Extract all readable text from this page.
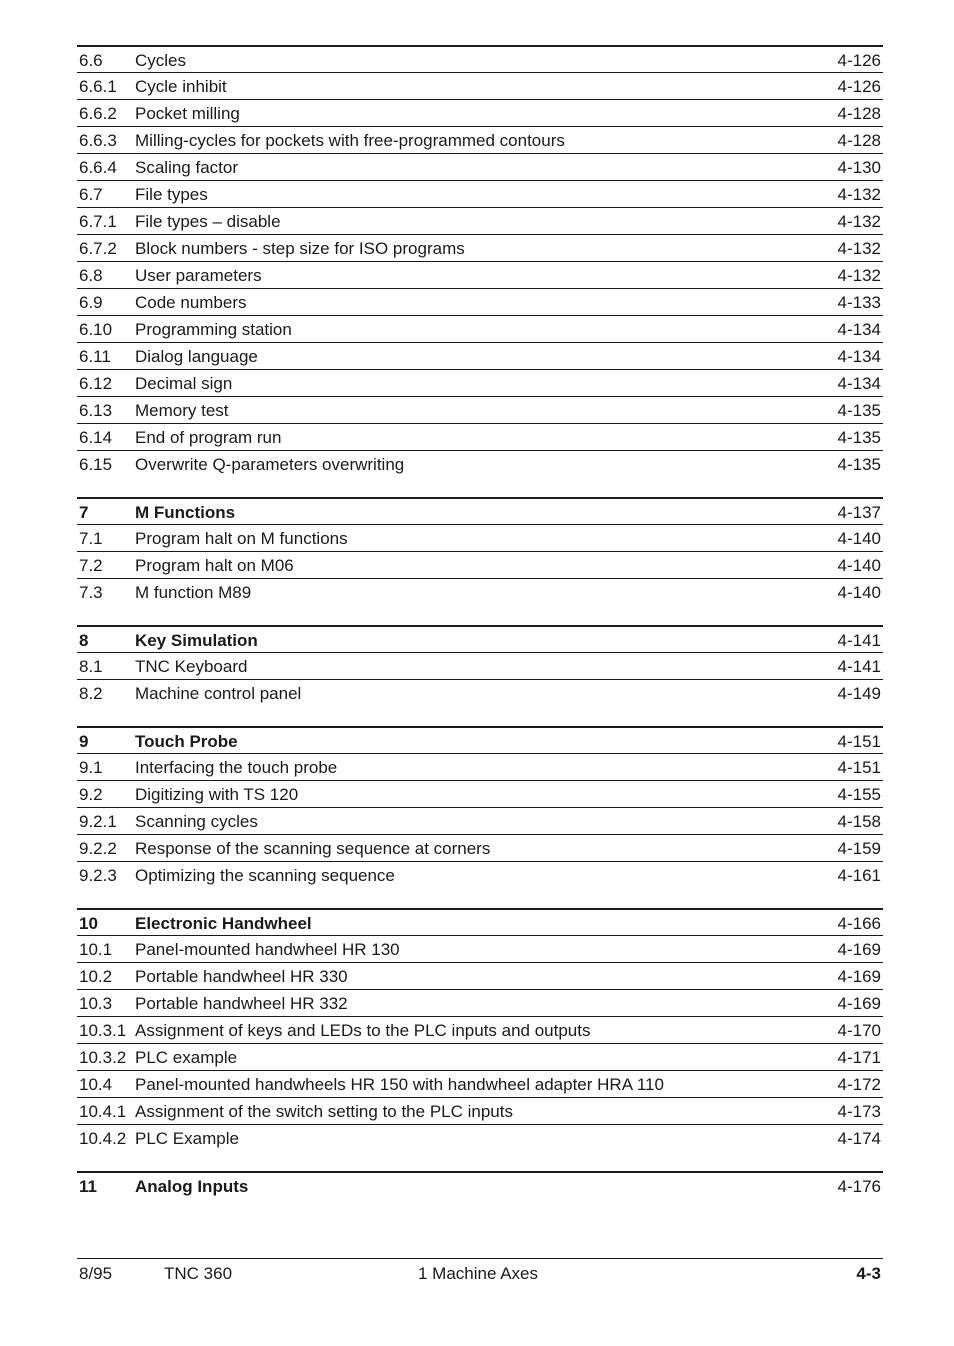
6.6 Cycles	4-126
6.6.1 Cycle inhibit	4-126
6.6.2 Pocket milling	4-128
6.6.3 Milling-cycles for pockets with free-programmed contours	4-128
6.6.4 Scaling factor	4-130
6.7 File types	4-132
6.7.1 File types – disable	4-132
6.7.2 Block numbers - step size for ISO programs	4-132
6.8 User parameters	4-132
6.9 Code numbers	4-133
6.10 Programming station	4-134
6.11 Dialog language	4-134
6.12 Decimal sign	4-134
6.13 Memory test	4-135
6.14 End of program run	4-135
6.15 Overwrite Q-parameters overwriting	4-135
7	M Functions	4-137
7.1 Program halt on M functions	4-140
7.2 Program halt on M06	4-140
7.3 M function M89	4-140
8	Key Simulation	4-141
8.1 TNC Keyboard	4-141
8.2 Machine control panel	4-149
9	Touch Probe	4-151
9.1 Interfacing the touch probe	4-151
9.2 Digitizing with TS 120	4-155
9.2.1 Scanning cycles	4-158
9.2.2 Response of the scanning sequence at corners	4-159
9.2.3 Optimizing the scanning sequence	4-161
10 Electronic Handwheel	4-166
10.1 Panel-mounted handwheel HR 130	4-169
10.2 Portable handwheel HR 330	4-169
10.3 Portable handwheel HR 332	4-169
10.3.1 Assignment of keys and LEDs to the PLC inputs and outputs	4-170
10.3.2 PLC example	4-171
10.4 Panel-mounted handwheels HR 150 with handwheel adapter HRA 110	4-172
10.4.1 Assignment of the switch setting to the PLC inputs	4-173
10.4.2 PLC Example	4-174
11 Analog Inputs	4-176
8/95	TNC 360	1 Machine Axes	4-3
